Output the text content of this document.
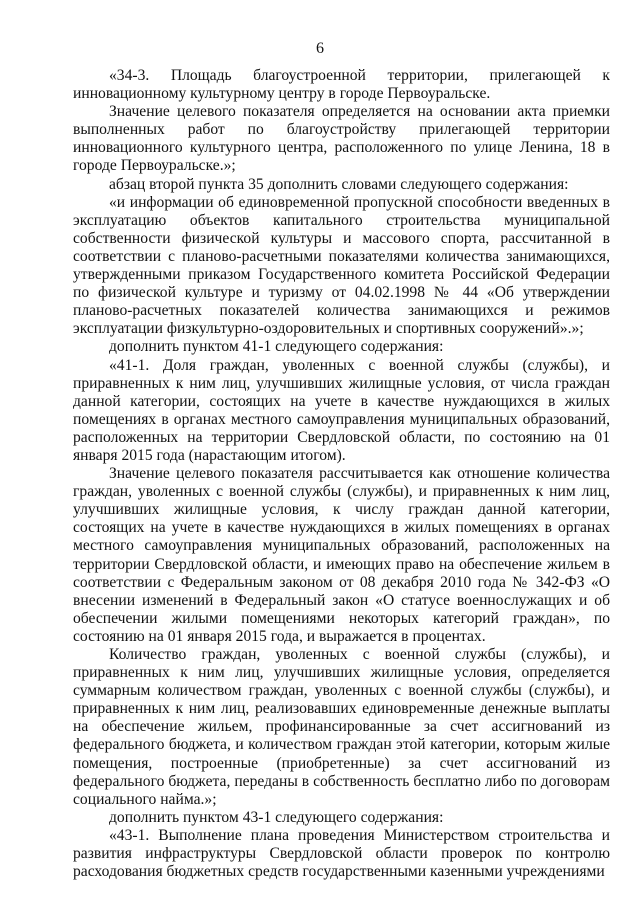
6

«34-3. Площадь благоустроенной территории, прилегающей к инновационному культурному центру в городе Первоуральске.

Значение целевого показателя определяется на основании акта приемки выполненных работ по благоустройству прилегающей территории инновационного культурного центра, расположенного по улице Ленина, 18 в городе Первоуральске.»;

абзац второй пункта 35 дополнить словами следующего содержания:

«и информации об единовременной пропускной способности введенных в эксплуатацию объектов капитального строительства муниципальной собственности физической культуры и массового спорта, рассчитанной в соответствии с планово-расчетными показателями количества занимающихся, утвержденными приказом Государственного комитета Российской Федерации по физической культуре и туризму от 04.02.1998 № 44 «Об утверждении планово-расчетных показателей количества занимающихся и режимов эксплуатации физкультурно-оздоровительных и спортивных сооружений».»;

дополнить пунктом 41-1 следующего содержания:

«41-1. Доля граждан, уволенных с военной службы (службы), и приравненных к ним лиц, улучшивших жилищные условия, от числа граждан данной категории, состоящих на учете в качестве нуждающихся в жилых помещениях в органах местного самоуправления муниципальных образований, расположенных на территории Свердловской области, по состоянию на 01 января 2015 года (нарастающим итогом).

Значение целевого показателя рассчитывается как отношение количества граждан, уволенных с военной службы (службы), и приравненных к ним лиц, улучшивших жилищные условия, к числу граждан данной категории, состоящих на учете в качестве нуждающихся в жилых помещениях в органах местного самоуправления муниципальных образований, расположенных на территории Свердловской области, и имеющих право на обеспечение жильем в соответствии с Федеральным законом от 08 декабря 2010 года № 342-ФЗ «О внесении изменений в Федеральный закон «О статусе военнослужащих и об обеспечении жилыми помещениями некоторых категорий граждан», по состоянию на 01 января 2015 года, и выражается в процентах.

Количество граждан, уволенных с военной службы (службы), и приравненных к ним лиц, улучшивших жилищные условия, определяется суммарным количеством граждан, уволенных с военной службы (службы), и приравненных к ним лиц, реализовавших единовременные денежные выплаты на обеспечение жильем, профинансированные за счет ассигнований из федерального бюджета, и количеством граждан этой категории, которым жилые помещения, построенные (приобретенные) за счет ассигнований из федерального бюджета, переданы в собственность бесплатно либо по договорам социального найма.»;

дополнить пунктом 43-1 следующего содержания:

«43-1. Выполнение плана проведения Министерством строительства и развития инфраструктуры Свердловской области проверок по контролю расходования бюджетных средств государственными казенными учреждениями
